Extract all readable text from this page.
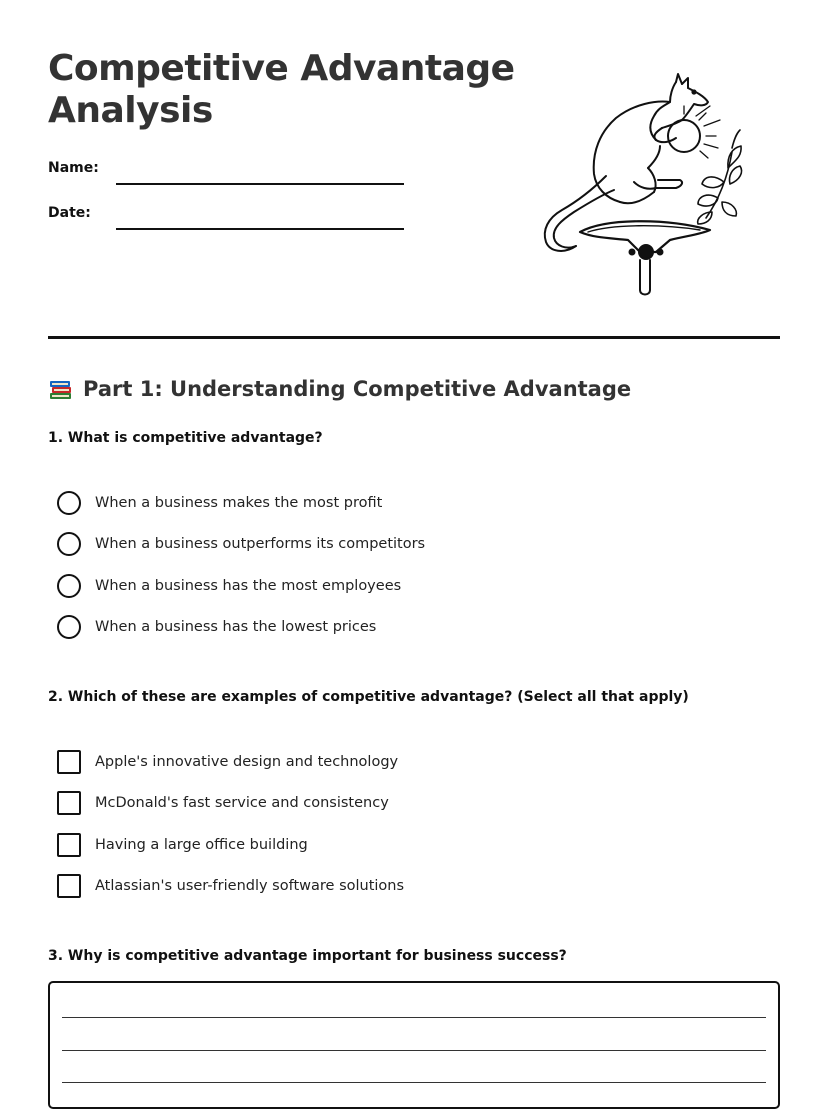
Competitive Advantage
Analysis
Name:
Date:
Part 1: Understanding Competitive Advantage
1. What is competitive advantage?
When a business makes the most profit
When a business outperforms its competitors
When a business has the most employees
When a business has the lowest prices
2. Which of these are examples of competitive advantage? (Select all that apply)
Apple's innovative design and technology
McDonald's fast service and consistency
Having a large office building
Atlassian's user-friendly software solutions
3. Why is competitive advantage important for business success?
